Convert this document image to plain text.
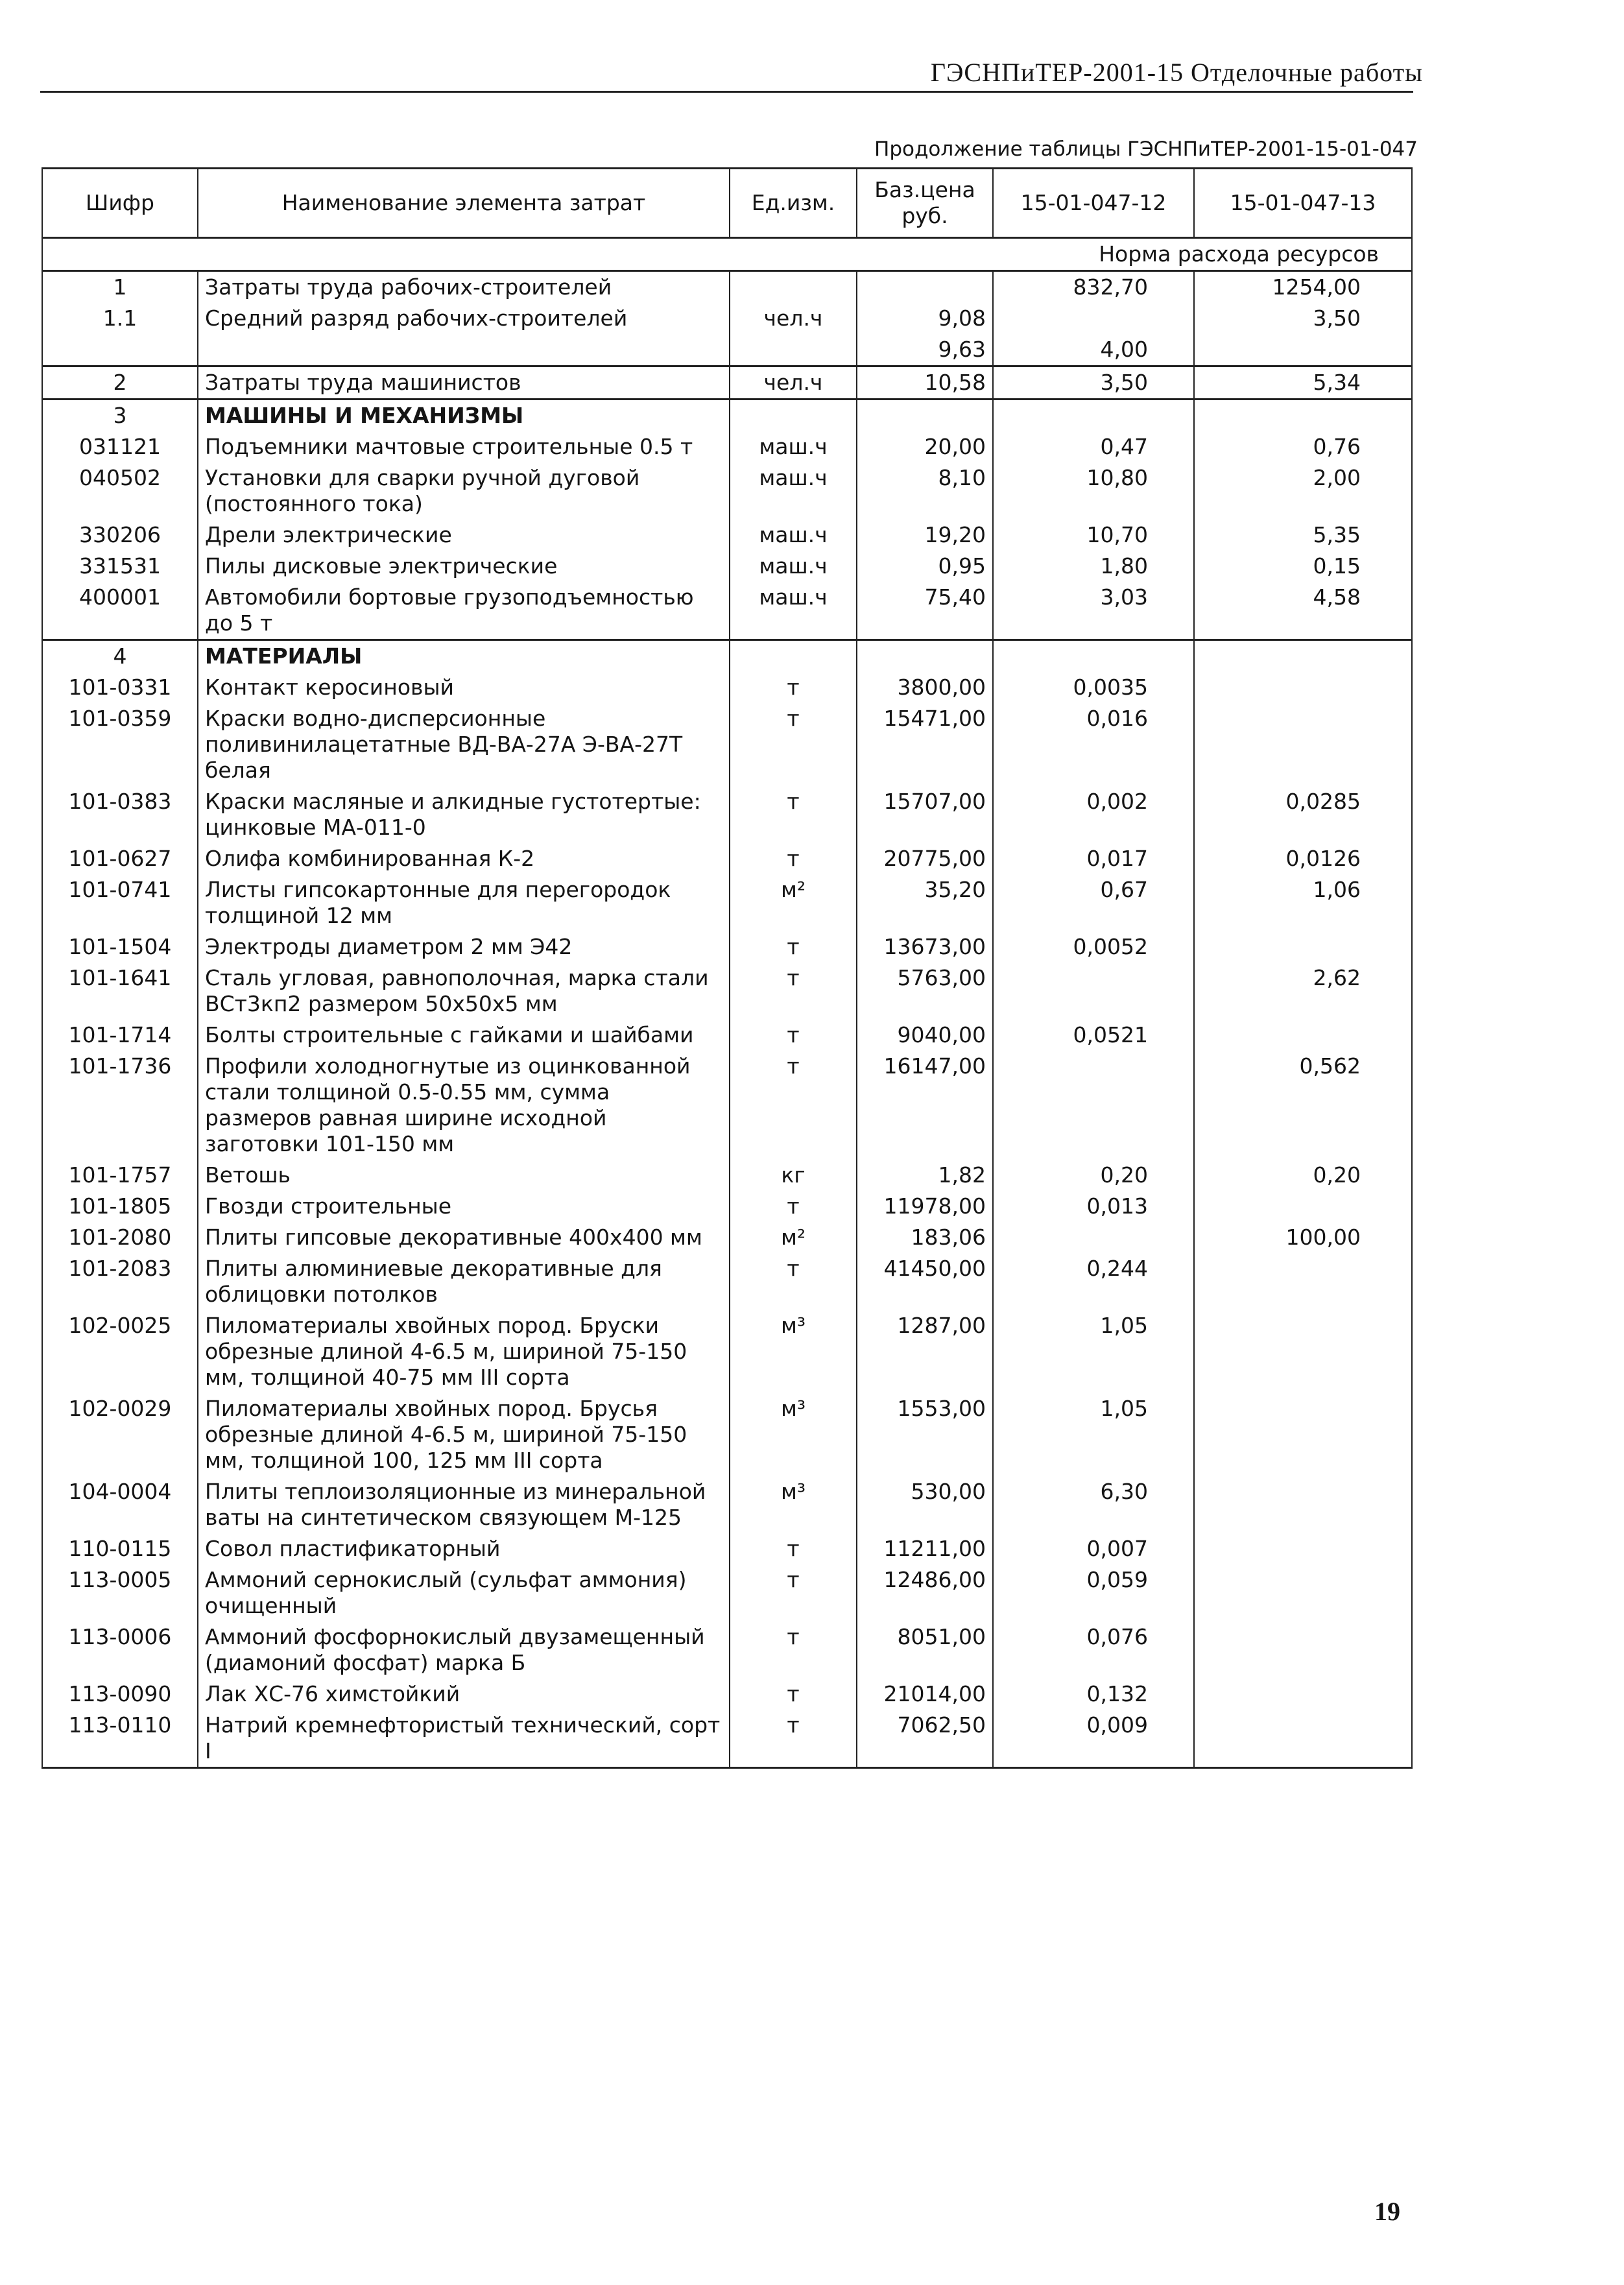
ГЭСНПиТЕР-2001-15 Отделочные работы
Продолжение таблицы ГЭСНПиТЕР-2001-15-01-047
Шифр	Наименование элемента затрат	Ед.изм.	Баз.цена руб.	15-01-047-12	15-01-047-13
Норма расхода ресурсов					
1	Затраты труда рабочих-строителей			832,70	1254,00
1.1	Средний разряд рабочих-строителей	чел.ч	9,08		3,50
			9,63	4,00	
2	Затраты труда машинистов	чел.ч	10,58	3,50	5,34
3	МАШИНЫ И МЕХАНИЗМЫ				
031121	Подъемники мачтовые строительные 0.5 т	маш.ч	20,00	0,47	0,76
040502	Установки для сварки ручной дуговой (постоянного тока)	маш.ч	8,10	10,80	2,00
330206	Дрели электрические	маш.ч	19,20	10,70	5,35
331531	Пилы дисковые электрические	маш.ч	0,95	1,80	0,15
400001	Автомобили бортовые грузоподъемностью до 5 т	маш.ч	75,40	3,03	4,58
4	МАТЕРИАЛЫ				
101-0331	Контакт керосиновый	т	3800,00	0,0035	
101-0359	Краски водно-дисперсионные поливинилацетатные ВД-ВА-27А Э-ВА-27Т белая	т	15471,00	0,016	
101-0383	Краски масляные и алкидные густотертые: цинковые МА-011-0	т	15707,00	0,002	0,0285
101-0627	Олифа комбинированная К-2	т	20775,00	0,017	0,0126
101-0741	Листы гипсокартонные для перегородок толщиной 12 мм	м²	35,20	0,67	1,06
101-1504	Электроды диаметром 2 мм Э42	т	13673,00	0,0052	
101-1641	Сталь угловая, равнополочная, марка стали ВСт3кп2 размером 50x50x5 мм	т	5763,00		2,62
101-1714	Болты строительные с гайками и шайбами	т	9040,00	0,0521	
101-1736	Профили холодногнутые из оцинкованной стали толщиной 0.5-0.55 мм, сумма размеров равная ширине исходной заготовки 101-150 мм	т	16147,00		0,562
101-1757	Ветошь	кг	1,82	0,20	0,20
101-1805	Гвозди строительные	т	11978,00	0,013	
101-2080	Плиты гипсовые декоративные 400x400 мм	м²	183,06		100,00
101-2083	Плиты алюминиевые декоративные для облицовки потолков	т	41450,00	0,244	
102-0025	Пиломатериалы хвойных пород. Бруски обрезные длиной 4-6.5 м, шириной 75-150 мм, толщиной 40-75 мм III сорта	м³	1287,00	1,05	
102-0029	Пиломатериалы хвойных пород. Брусья обрезные длиной 4-6.5 м, шириной 75-150 мм, толщиной 100, 125 мм III сорта	м³	1553,00	1,05	
104-0004	Плиты теплоизоляционные из минеральной ваты на синтетическом связующем М-125	м³	530,00	6,30	
110-0115	Совол пластификаторный	т	11211,00	0,007	
113-0005	Аммоний сернокислый (сульфат аммония) очищенный	т	12486,00	0,059	
113-0006	Аммоний фосфорнокислый двузамещенный (диамоний фосфат) марка Б	т	8051,00	0,076	
113-0090	Лак ХС-76 химстойкий	т	21014,00	0,132	
113-0110	Натрий кремнефтористый технический, сорт I	т	7062,50	0,009	
19
